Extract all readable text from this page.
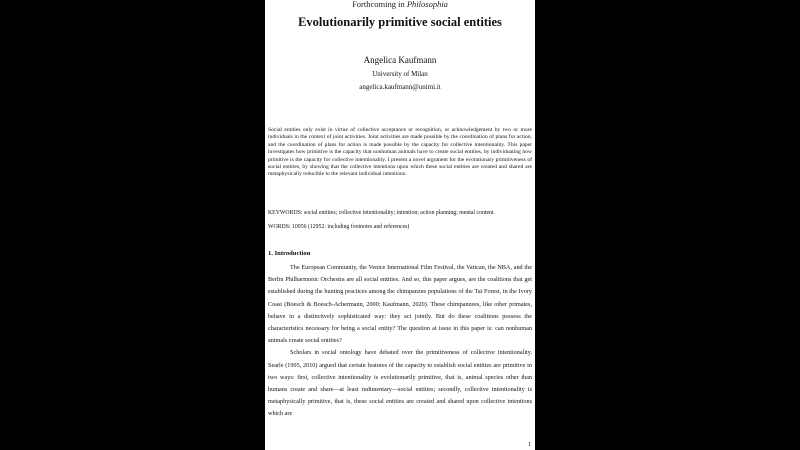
Forthcoming in Philosophia
Evolutionarily primitive social entities
Angelica Kaufmann
University of Milan
angelica.kaufmann@unimi.it
Social entities only exist in virtue of collective acceptance or recognition, or acknowledgement by two or more individuals in the context of joint activities. Joint activities are made possible by the coordination of plans for action, and the coordination of plans for action is made possible by the capacity for collective intentionality. This paper investigates how primitive is the capacity that nonhuman animals have to create social entities, by individuating how primitive is the capacity for collective intentionality. I present a novel argument for the evolutionary primitiveness of social entities, by showing that the collective intentions upon which these social entities are created and shared are metaphysically reducible to the relevant individual intentions.
KEYWORDS: social entities; collective intentionality; intention; action planning; mental content.
WORDS: 10956 (12952: including footnotes and references)
1. Introduction

The European Community, the Venice International Film Festival, the Vatican, the NBA, and the Berlin Philharmonic Orchestra are all social entities. And so, this paper argues, are the coalitions that get established during the hunting practices among the chimpanzee populations of the Taï Forest, in the Ivory Coast (Boesch & Boesch-Achermann, 2000; Kaufmann, 2020). These chimpanzees, like other primates, behave in a distinctively sophisticated way: they act jointly. But do these coalitions possess the characteristics necessary for being a social entity? The question at issue in this paper is: can nonhuman animals create social entities?

Scholars in social ontology have debated over the primitiveness of collective intentionality. Searle (1995, 2010) argued that certain features of the capacity to establish social entities are primitive in two ways: first, collective intentionality is evolutionarily primitive, that is, animal species other than humans create and share—at least rudimentary—social entities; secondly, collective intentionality is metaphysically primitive, that is, these social entities are created and shared upon collective intentions which are

1
